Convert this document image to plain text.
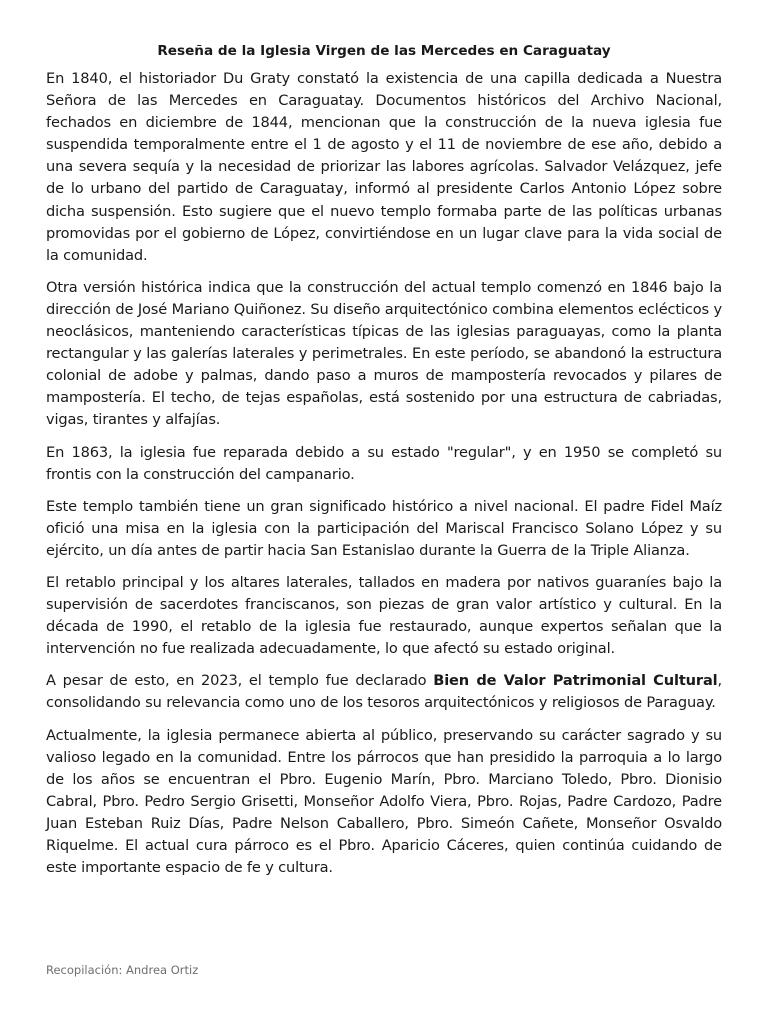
Reseña de la Iglesia Virgen de las Mercedes en Caraguatay

En 1840, el historiador Du Graty constató la existencia de una capilla dedicada a Nuestra Señora de las Mercedes en Caraguatay. Documentos históricos del Archivo Nacional, fechados en diciembre de 1844, mencionan que la construcción de la nueva iglesia fue suspendida temporalmente entre el 1 de agosto y el 11 de noviembre de ese año, debido a una severa sequía y la necesidad de priorizar las labores agrícolas. Salvador Velázquez, jefe de lo urbano del partido de Caraguatay, informó al presidente Carlos Antonio López sobre dicha suspensión. Esto sugiere que el nuevo templo formaba parte de las políticas urbanas promovidas por el gobierno de López, convirtiéndose en un lugar clave para la vida social de la comunidad.

Otra versión histórica indica que la construcción del actual templo comenzó en 1846 bajo la dirección de José Mariano Quiñonez. Su diseño arquitectónico combina elementos eclécticos y neoclásicos, manteniendo características típicas de las iglesias paraguayas, como la planta rectangular y las galerías laterales y perimetrales. En este período, se abandonó la estructura colonial de adobe y palmas, dando paso a muros de mampostería revocados y pilares de mampostería. El techo, de tejas españolas, está sostenido por una estructura de cabriadas, vigas, tirantes y alfajías.

En 1863, la iglesia fue reparada debido a su estado "regular", y en 1950 se completó su frontis con la construcción del campanario.

Este templo también tiene un gran significado histórico a nivel nacional. El padre Fidel Maíz ofició una misa en la iglesia con la participación del Mariscal Francisco Solano López y su ejército, un día antes de partir hacia San Estanislao durante la Guerra de la Triple Alianza.

El retablo principal y los altares laterales, tallados en madera por nativos guaraníes bajo la supervisión de sacerdotes franciscanos, son piezas de gran valor artístico y cultural. En la década de 1990, el retablo de la iglesia fue restaurado, aunque expertos señalan que la intervención no fue realizada adecuadamente, lo que afectó su estado original.

A pesar de esto, en 2023, el templo fue declarado Bien de Valor Patrimonial Cultural, consolidando su relevancia como uno de los tesoros arquitectónicos y religiosos de Paraguay.

Actualmente, la iglesia permanece abierta al público, preservando su carácter sagrado y su valioso legado en la comunidad. Entre los párrocos que han presidido la parroquia a lo largo de los años se encuentran el Pbro. Eugenio Marín, Pbro. Marciano Toledo, Pbro. Dionisio Cabral, Pbro. Pedro Sergio Grisetti, Monseñor Adolfo Viera, Pbro. Rojas, Padre Cardozo, Padre Juan Esteban Ruiz Días, Padre Nelson Caballero, Pbro. Simeón Cañete, Monseñor Osvaldo Riquelme. El actual cura párroco es el Pbro. Aparicio Cáceres, quien continúa cuidando de este importante espacio de fe y cultura.

Recopilación: Andrea Ortiz
